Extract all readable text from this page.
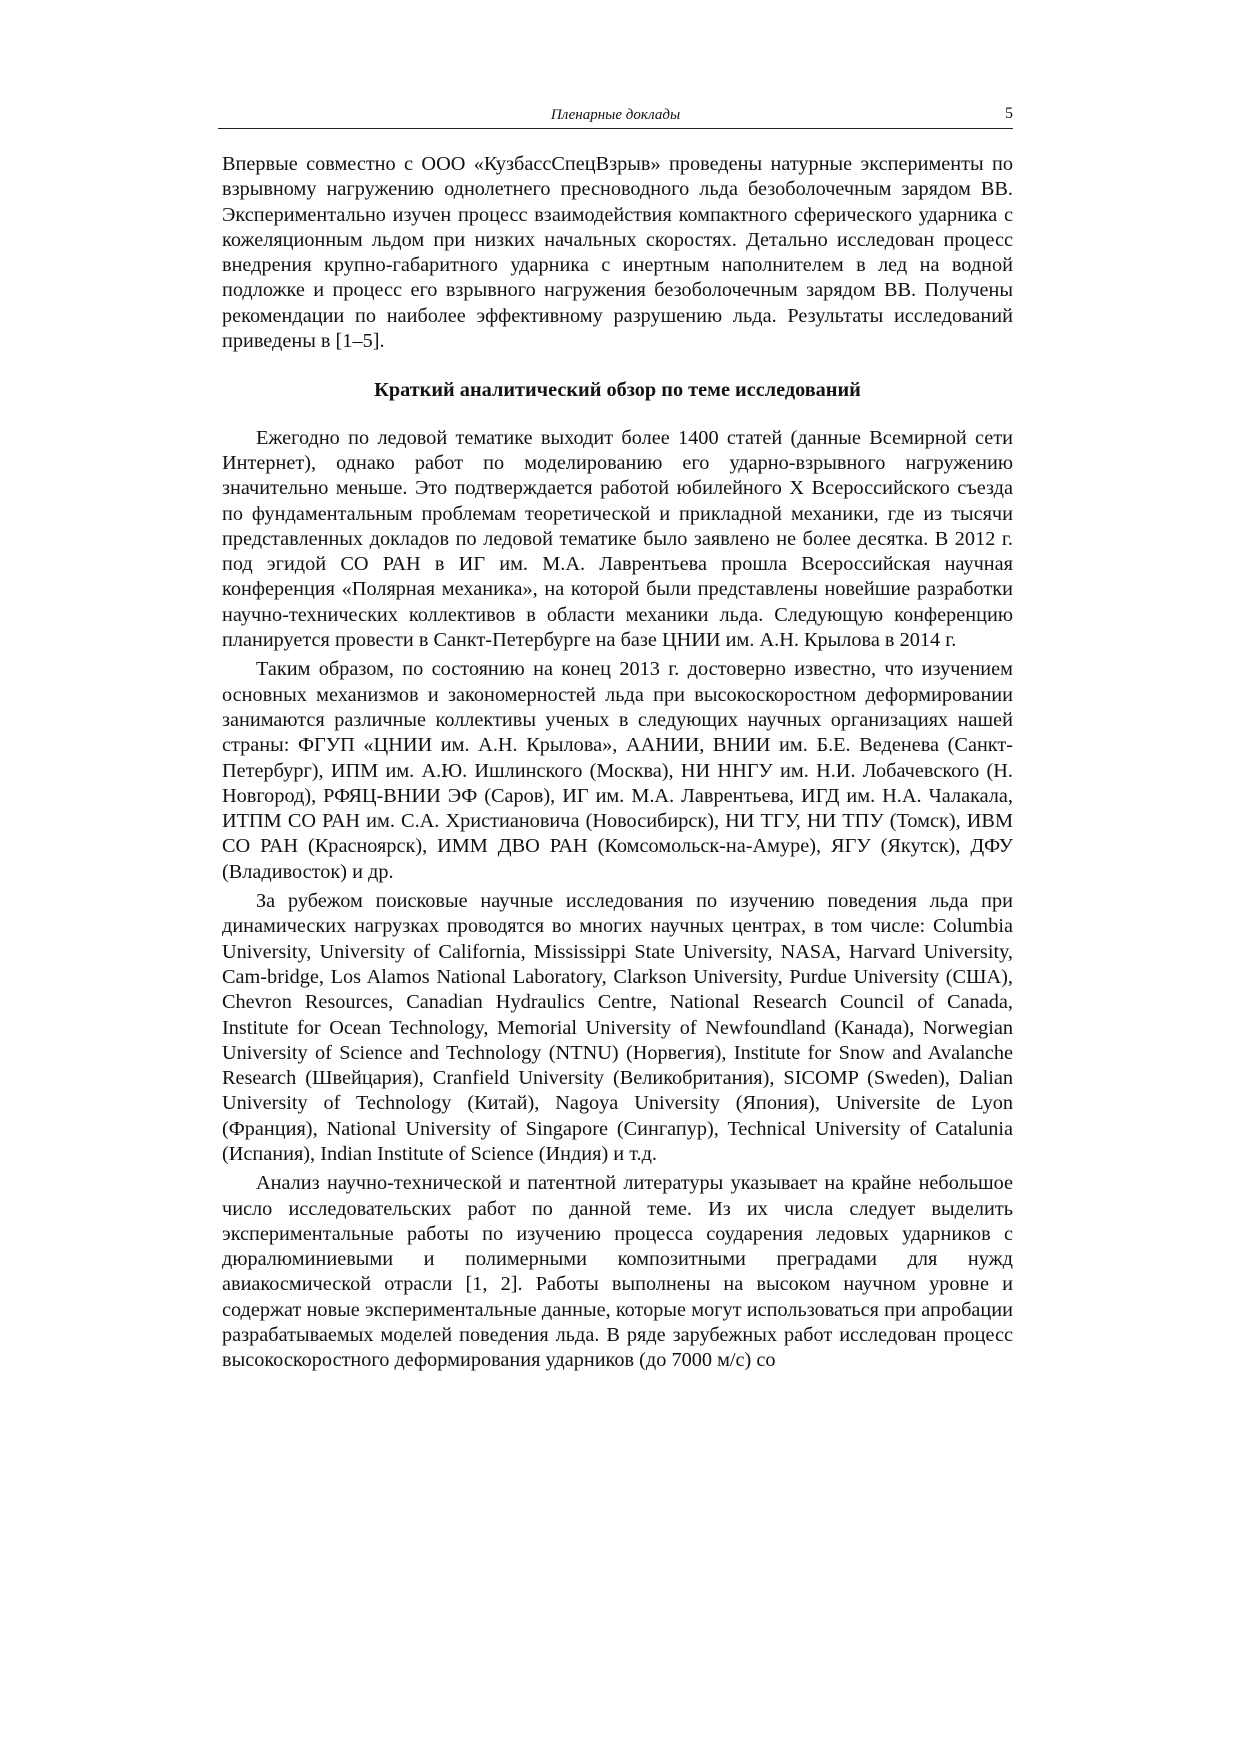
Пленарные доклады	5

Впервые совместно с ООО «КузбассСпецВзрыв» проведены натурные эксперименты по взрывному нагружению однолетнего пресноводного льда безоболочечным зарядом ВВ. Экспериментально изучен процесс взаимодействия компактного сферического ударника с кожеляционным льдом при низких начальных скоростях. Детально исследован процесс внедрения крупно-габаритного ударника с инертным наполнителем в лед на водной подложке и процесс его взрывного нагружения безоболочечным зарядом ВВ. Получены рекомендации по наиболее эффективному разрушению льда. Результаты исследований приведены в [1–5].

Краткий аналитический обзор по теме исследований

Ежегодно по ледовой тематике выходит более 1400 статей (данные Всемирной сети Интернет), однако работ по моделированию его ударно-взрывного нагружению значительно меньше. Это подтверждается работой юбилейного X Всероссийского съезда по фундаментальным проблемам теоретической и прикладной механики, где из тысячи представленных докладов по ледовой тематике было заявлено не более десятка. В 2012 г. под эгидой СО РАН в ИГ им. М.А. Лаврентьева прошла Всероссийская научная конференция «Полярная механика», на которой были представлены новейшие разработки научно-технических коллективов в области механики льда. Следующую конференцию планируется провести в Санкт-Петербурге на базе ЦНИИ им. А.Н. Крылова в 2014 г.

Таким образом, по состоянию на конец 2013 г. достоверно известно, что изучением основных механизмов и закономерностей льда при высокоскоростном деформировании занимаются различные коллективы ученых в следующих научных организациях нашей страны: ФГУП «ЦНИИ им. А.Н. Крылова», ААНИИ, ВНИИ им. Б.Е. Веденева (Санкт-Петербург), ИПМ им. А.Ю. Ишлинского (Москва), НИ ННГУ им. Н.И. Лобачевского (Н. Новгород), РФЯЦ-ВНИИ ЭФ (Саров), ИГ им. М.А. Лаврентьева, ИГД им. Н.А. Чалакала, ИТПМ СО РАН им. С.А. Христиановича (Новосибирск), НИ ТГУ, НИ ТПУ (Томск), ИВМ СО РАН (Красноярск), ИММ ДВО РАН (Комсомольск-на-Амуре), ЯГУ (Якутск), ДФУ (Владивосток) и др.

За рубежом поисковые научные исследования по изучению поведения льда при динамических нагрузках проводятся во многих научных центрах, в том числе: Columbia University, University of California, Mississippi State University, NASA, Harvard University, Cam-bridge, Los Alamos National Laboratory, Clarkson University, Purdue University (США), Chevron Resources, Canadian Hydraulics Centre, National Research Council of Canada, Institute for Ocean Technology, Memorial University of Newfoundland (Канада), Norwegian University of Science and Technology (NTNU) (Норвегия), Institute for Snow and Avalanche Research (Швейцария), Cranfield University (Великобритания), SICOMP (Sweden), Dalian University of Technology (Китай), Nagoya University (Япония), Universite de Lyon (Франция), National University of Singapore (Сингапур), Technical University of Catalunia (Испания), Indian Institute of Science (Индия) и т.д.

Анализ научно-технической и патентной литературы указывает на крайне небольшое число исследовательских работ по данной теме. Из их числа следует выделить экспериментальные работы по изучению процесса соударения ледовых ударников с дюралюминиевыми и полимерными композитными преградами для нужд авиакосмической отрасли [1, 2]. Работы выполнены на высоком научном уровне и содержат новые экспериментальные данные, которые могут использоваться при апробации разрабатываемых моделей поведения льда. В ряде зарубежных работ исследован процесс высокоскоростного деформирования ударников (до 7000 м/с) со
